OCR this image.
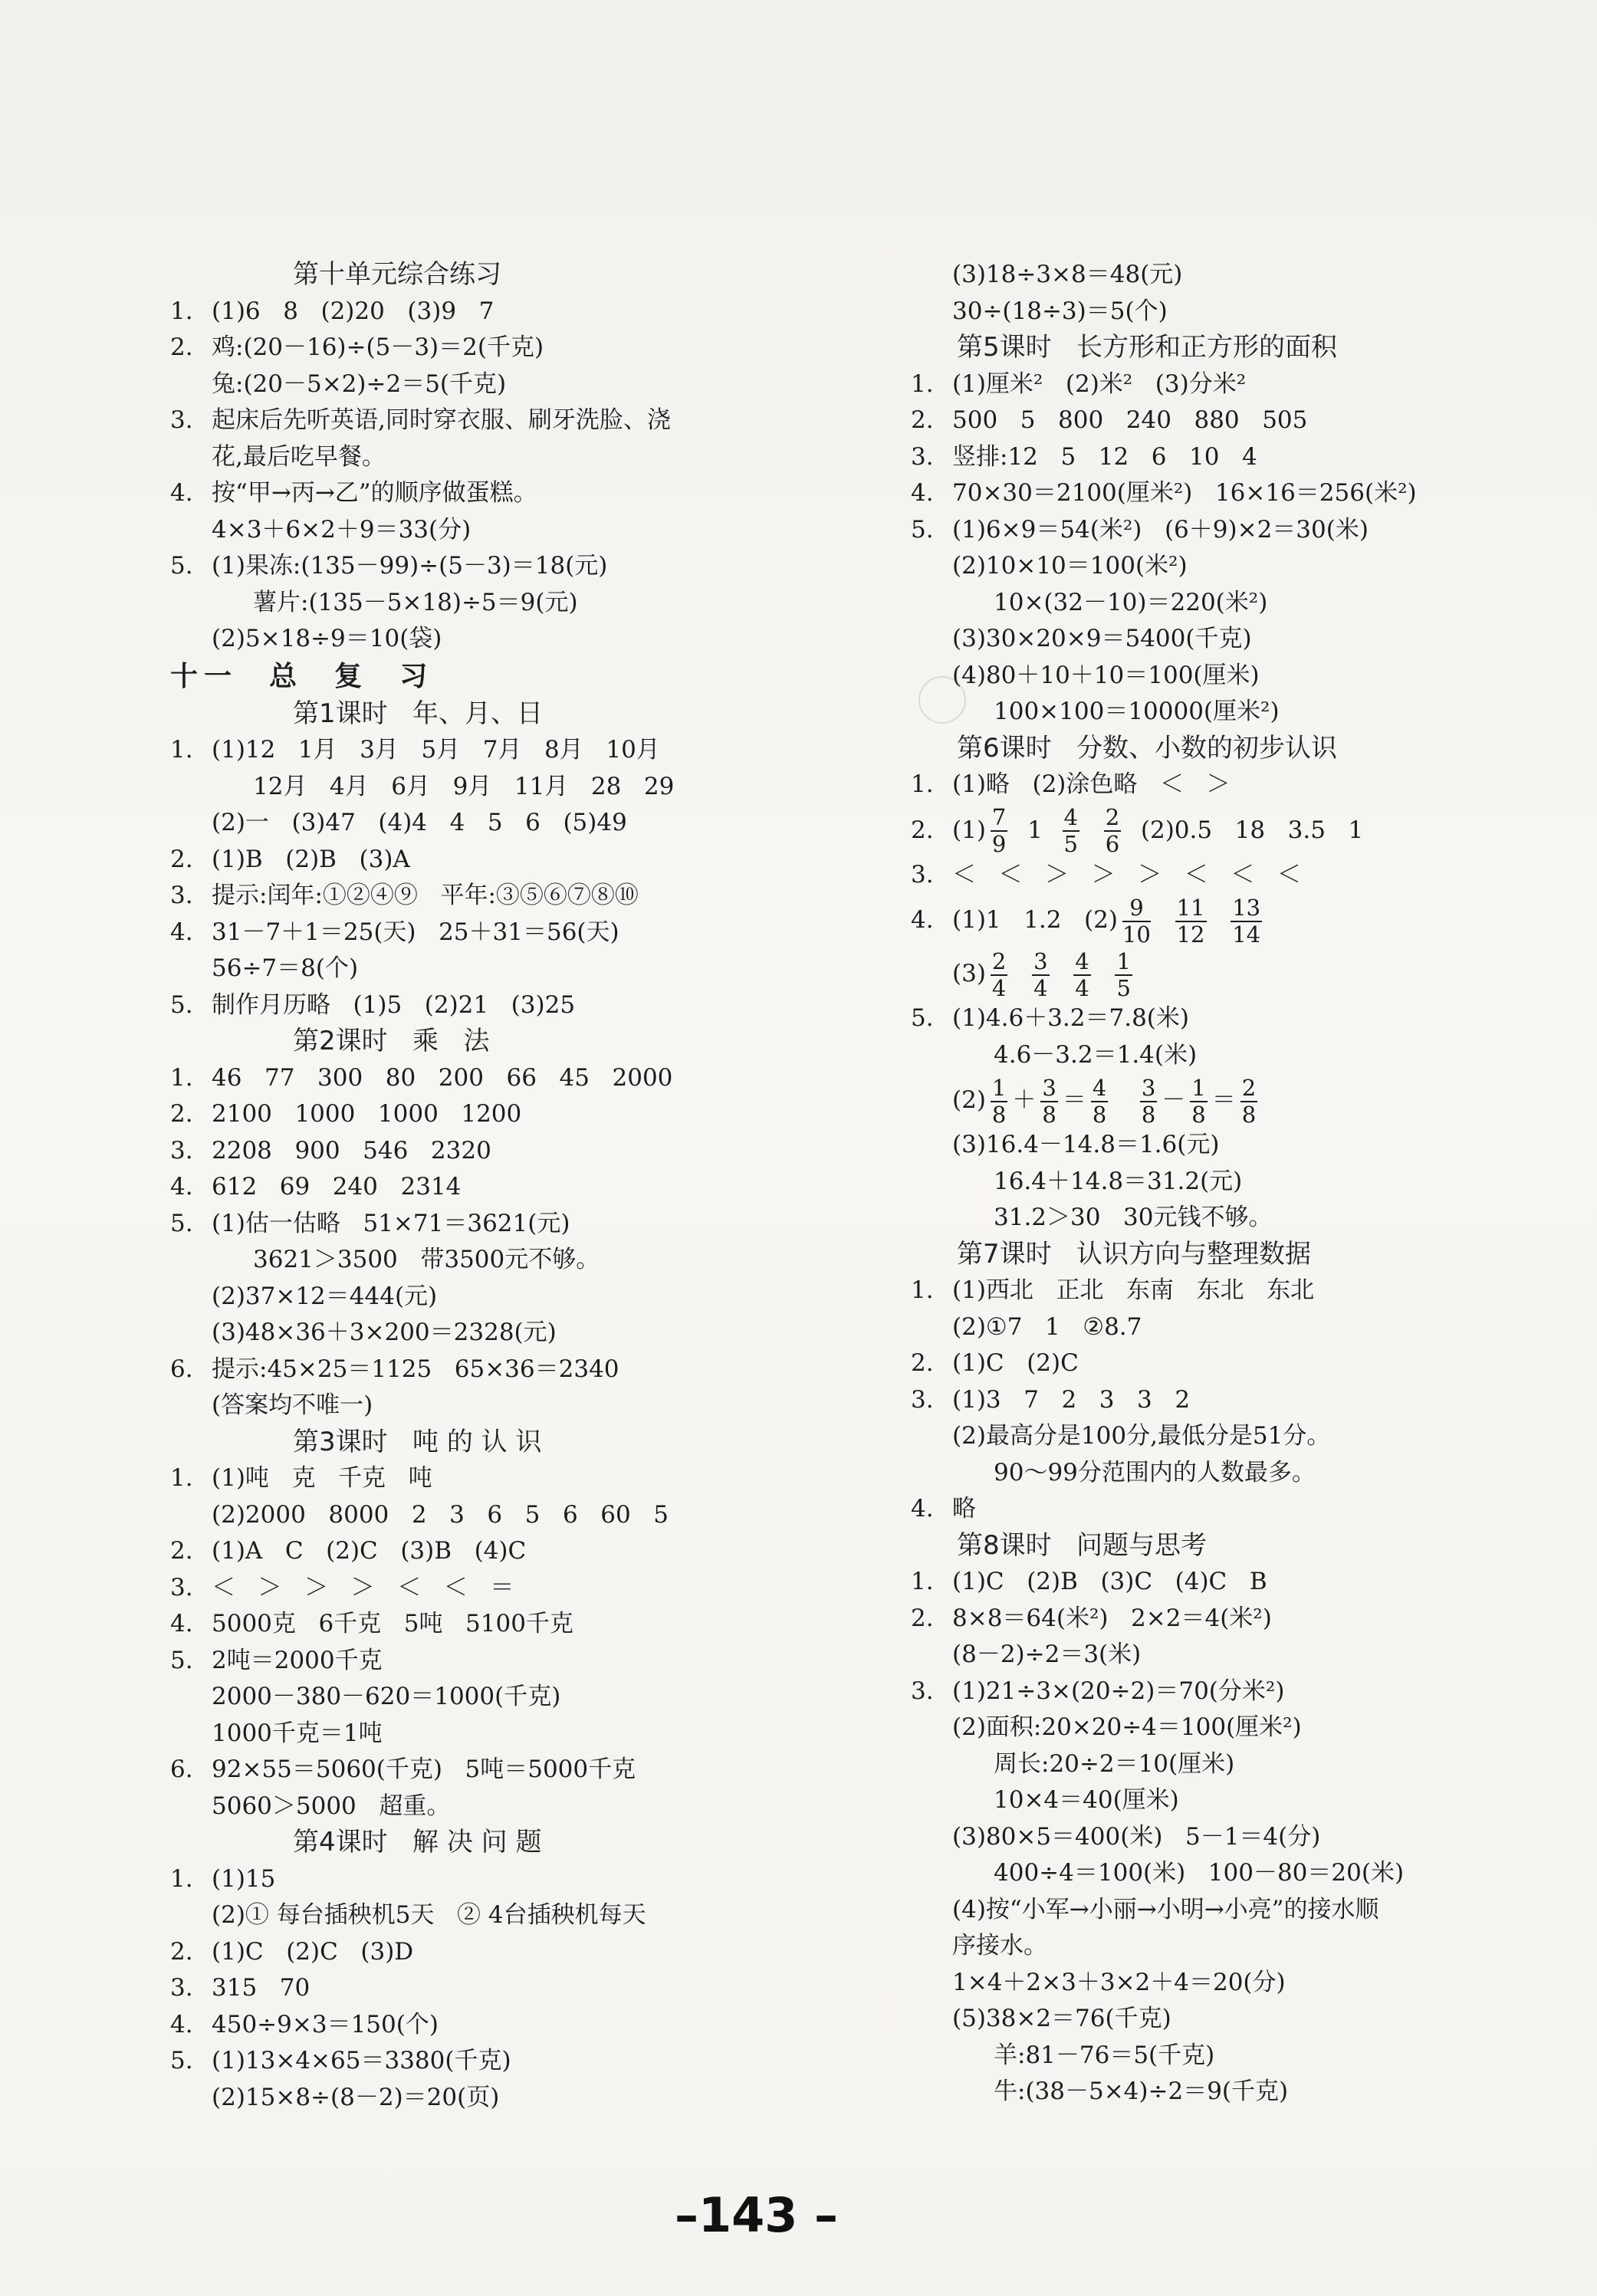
第十单元综合练习
1. (1)6   8   (2)20   (3)9   7
2. 鸡:(20－16)÷(5－3)＝2(千克)
兔:(20－5×2)÷2＝5(千克)
3. 起床后先听英语,同时穿衣服、刷牙洗脸、浇
花,最后吃早餐。
4. 按“甲→丙→乙”的顺序做蛋糕。
4×3＋6×2＋9＝33(分)
5. (1)果冻:(135－99)÷(5－3)＝18(元)
薯片:(135－5×18)÷5＝9(元)
(2)5×18÷9＝10(袋)
十一  总  复  习
第1课时   年、月、日
1. (1)12   1月   3月   5月   7月   8月   10月
12月   4月   6月   9月   11月   28   29
(2)一   (3)47   (4)4   4   5   6   (5)49
2. (1)B   (2)B   (3)A
3. 提示:闰年:①②④⑨   平年:③⑤⑥⑦⑧⑩
4. 31－7＋1＝25(天)   25＋31＝56(天)
56÷7＝8(个)
5. 制作月历略   (1)5   (2)21   (3)25
第2课时   乘   法
1. 46   77   300   80   200   66   45   2000
2. 2100   1000   1000   1200
3. 2208   900   546   2320
4. 612   69   240   2314
5. (1)估一估略   51×71＝3621(元)
3621＞3500   带3500元不够。
(2)37×12＝444(元)
(3)48×36＋3×200＝2328(元)
6. 提示:45×25＝1125   65×36＝2340
(答案均不唯一)
第3课时   吨 的 认 识
1. (1)吨   克   千克   吨
(2)2000   8000   2   3   6   5   6   60   5
2. (1)A   C   (2)C   (3)B   (4)C
3. ＜   ＞   ＞   ＞   ＜   ＜   ＝
4. 5000克   6千克   5吨   5100千克
5. 2吨＝2000千克
2000－380－620＝1000(千克)
1000千克＝1吨
6. 92×55＝5060(千克)   5吨＝5000千克
5060＞5000   超重。
第4课时   解 决 问 题
1. (1)15
(2)① 每台插秧机5天   ② 4台插秧机每天
2. (1)C   (2)C   (3)D
3. 315   70
4. 450÷9×3＝150(个)
5. (1)13×4×65＝3380(千克)
(2)15×8÷(8－2)＝20(页)
(3)18÷3×8＝48(元)
30÷(18÷3)＝5(个)
第5课时   长方形和正方形的面积
1. (1)厘米²   (2)米²   (3)分米²
2. 500   5   800   240   880   505
3. 竖排:12   5   12   6   10   4
4. 70×30＝2100(厘米²)   16×16＝256(米²)
5. (1)6×9＝54(米²)   (6＋9)×2＝30(米)
(2)10×10＝100(米²)
10×(32－10)＝220(米²)
(3)30×20×9＝5400(千克)
(4)80＋10＋10＝100(厘米)
100×100＝10000(厘米²)
第6课时   分数、小数的初步认识
1. (1)略   (2)涂色略   ＜   ＞
2. $(1) \frac{7}{9} 1 \frac{4}{5}$
$\frac{2}{6} (2)0.5$   18   3.5   1
3. ＜   ＜   ＞   ＞   ＞   ＜   ＜   ＜
4. (1)1   1.2   $(2) \frac{9}{10}$
$\frac{11}{12}$
$\frac{13}{14}$
$(3) \frac{2}{4}$
$\frac{3}{4}$
$\frac{4}{4}$
$\frac{1}{5}$
5. (1)4.6＋3.2＝7.8(米)
4.6－3.2＝1.4(米)
$(2) \frac{1}{8} + \frac{3}{8} = \frac{4}{8}$
$\frac{3}{8} - \frac{1}{8} = \frac{2}{8}$
(3)16.4－14.8＝1.6(元)
16.4＋14.8＝31.2(元)
31.2＞30   30元钱不够。
第7课时   认识方向与整理数据
1. (1)西北   正北   东南   东北   东北
(2)①7   1   ②8.7
2. (1)C   (2)C
3. (1)3   7   2   3   3   2
(2)最高分是100分,最低分是51分。
90～99分范围内的人数最多。
4. 略
第8课时   问题与思考
1. (1)C   (2)B   (3)C   (4)C   B
2. 8×8＝64(米²)   2×2＝4(米²)
(8－2)÷2＝3(米)
3. (1)21÷3×(20÷2)＝70(分米²)
(2)面积:20×20÷4＝100(厘米²)
周长:20÷2＝10(厘米)
10×4＝40(厘米)
(3)80×5＝400(米)   5－1＝4(分)
400÷4＝100(米)   100－80＝20(米)
(4)按“小军→小丽→小明→小亮”的接水顺
序接水。
1×4＋2×3＋3×2＋4＝20(分)
(5)38×2＝76(千克)
羊:81－76＝5(千克)
牛:(38－5×4)÷2＝9(千克)
–143 –
